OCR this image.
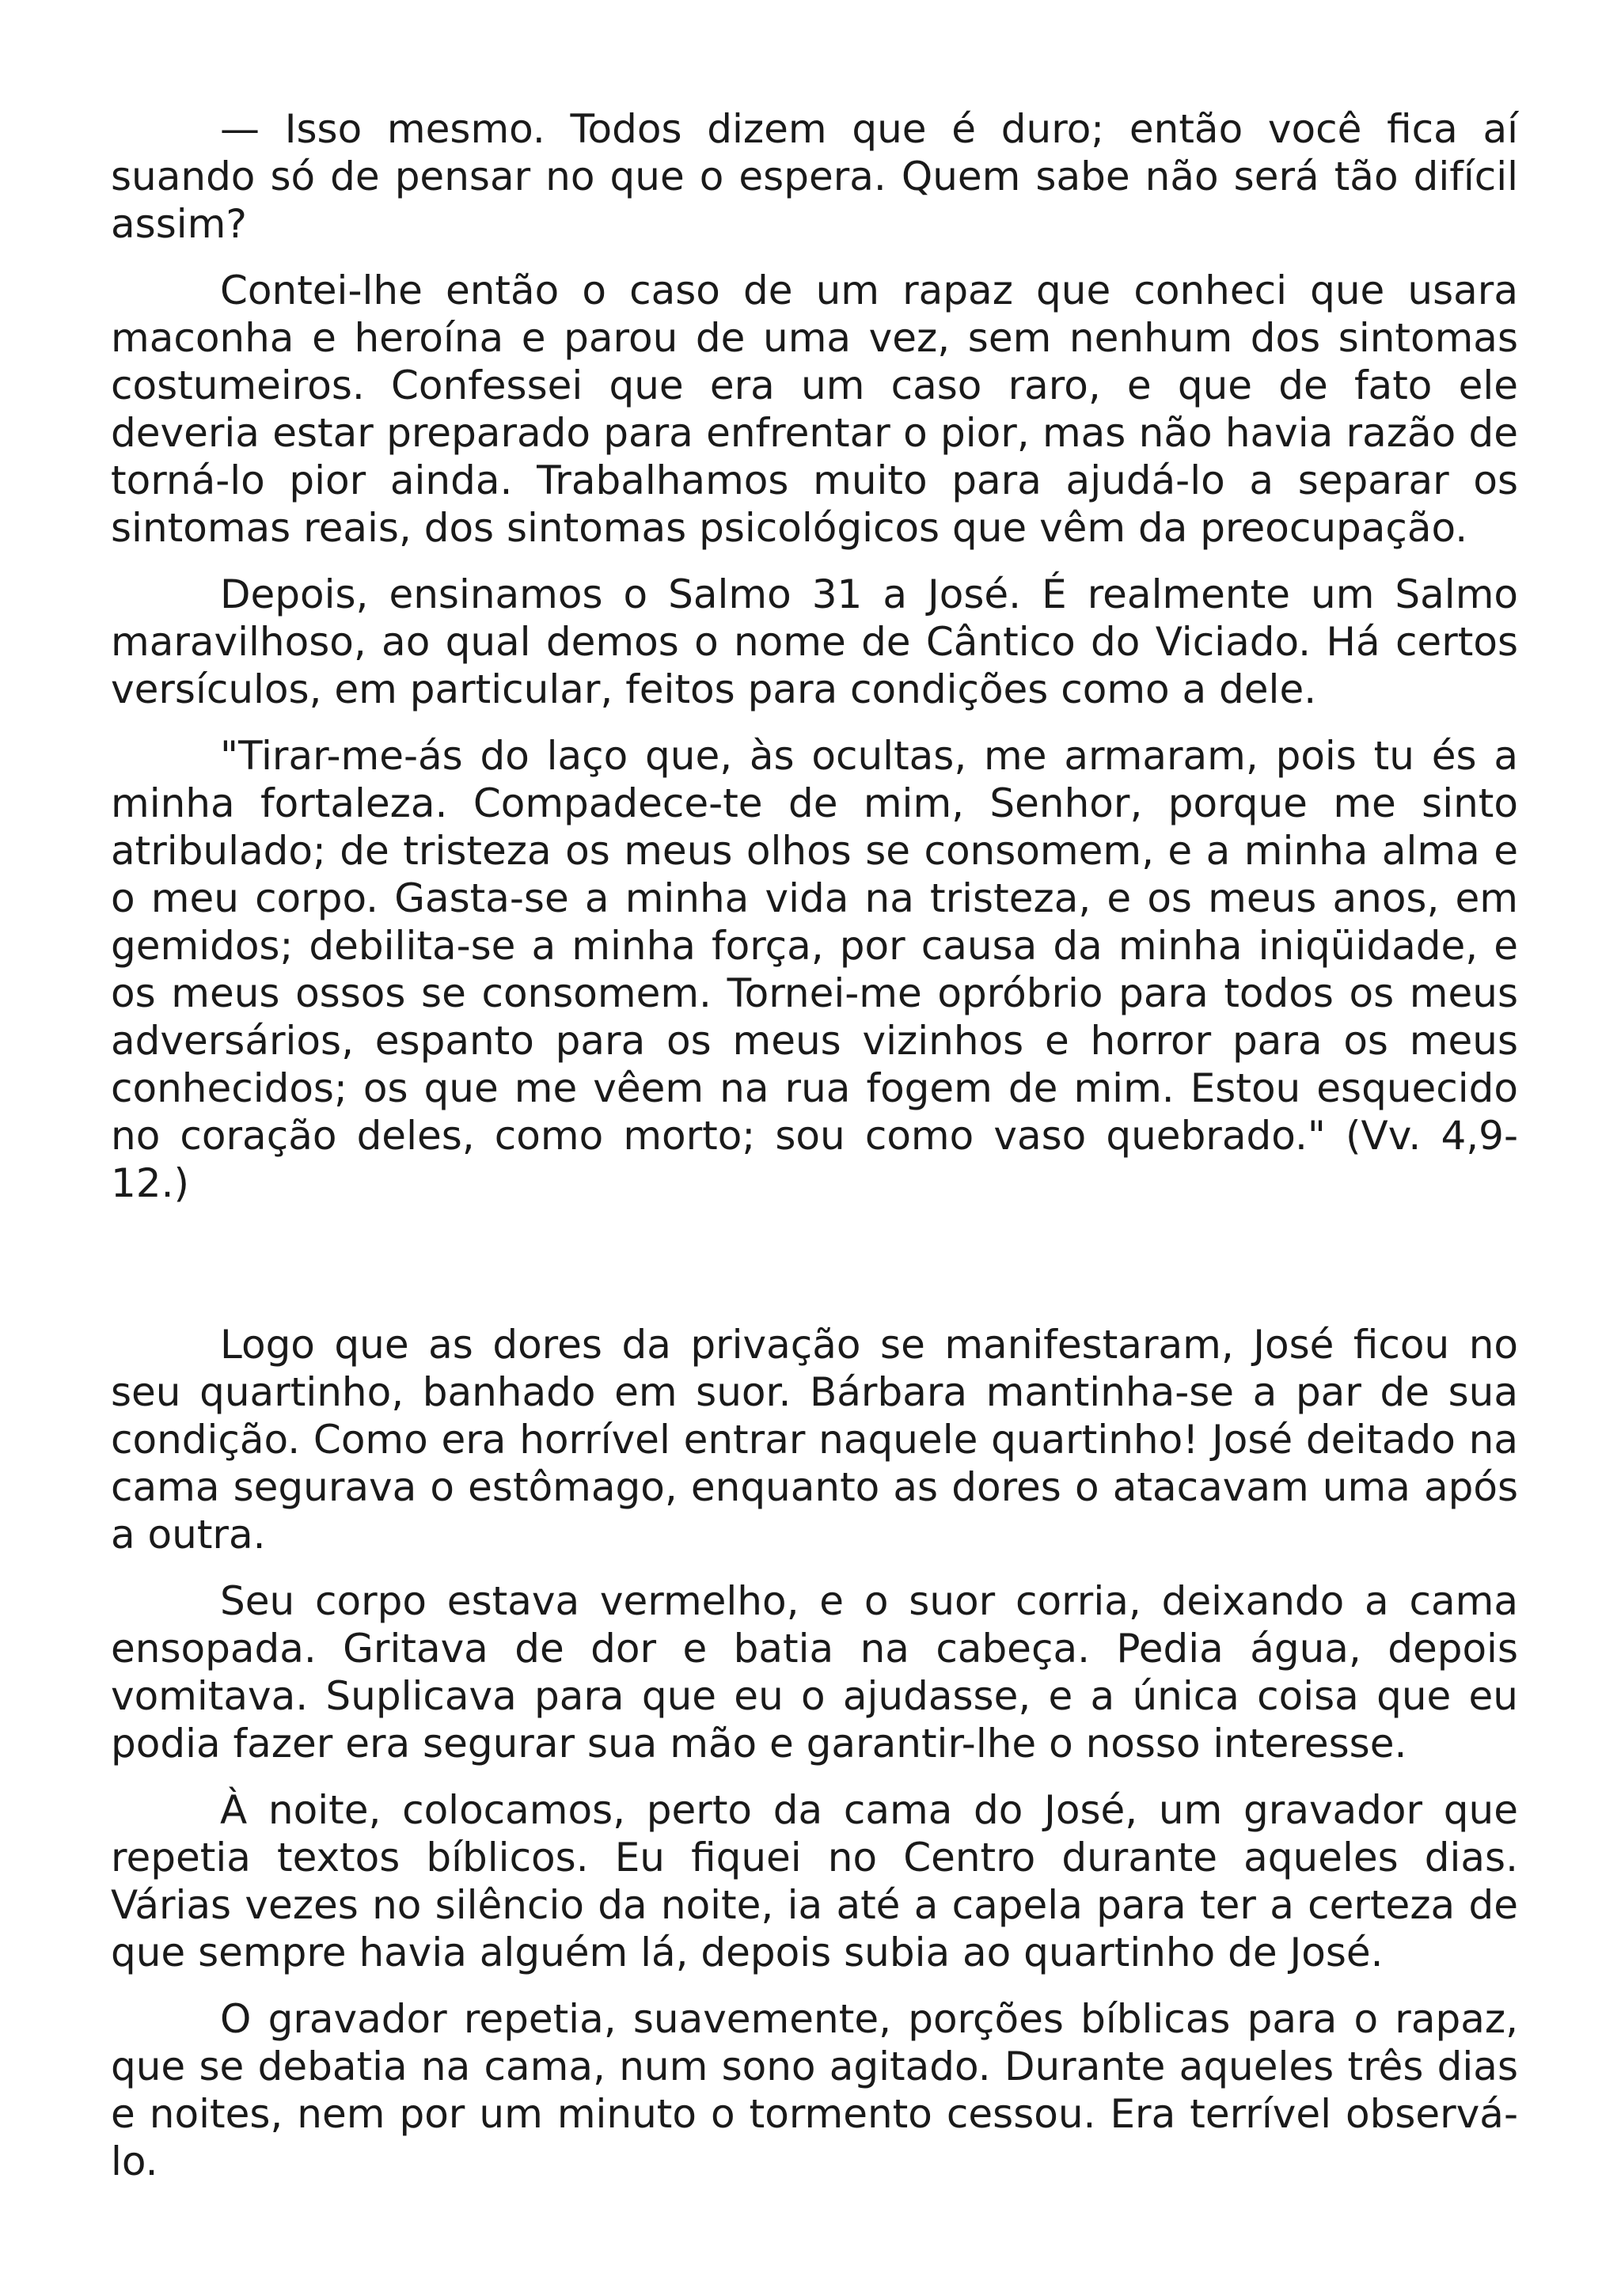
— Isso mesmo. Todos dizem que é duro; então você fica aí suando só de pensar no que o espera. Quem sabe não será tão difícil assim?

Contei-lhe então o caso de um rapaz que conheci que usara maconha e heroína e parou de uma vez, sem nenhum dos sintomas costumeiros. Confessei que era um caso raro, e que de fato ele deveria estar preparado para enfrentar o pior, mas não havia razão de torná-lo pior ainda. Trabalhamos muito para ajudá-lo a separar os sintomas reais, dos sintomas psicológicos que vêm da preocupação.

Depois, ensinamos o Salmo 31 a José. É realmente um Salmo maravilhoso, ao qual demos o nome de Cântico do Viciado. Há certos versículos, em particular, feitos para condições como a dele.

"Tirar-me-ás do laço que, às ocultas, me armaram, pois tu és a minha fortaleza. Compadece-te de mim, Senhor, porque me sinto atribulado; de tristeza os meus olhos se consomem, e a minha alma e o meu corpo. Gasta-se a minha vida na tristeza, e os meus anos, em gemidos; debilita-se a minha força, por causa da minha iniqüidade, e os meus ossos se consomem. Tornei-me opróbrio para todos os meus adversários, espanto para os meus vizinhos e horror para os meus conhecidos; os que me vêem na rua fogem de mim. Estou esquecido no coração deles, como morto; sou como vaso quebrado." (Vv. 4,9-12.)

Logo que as dores da privação se manifestaram, José ficou no seu quartinho, banhado em suor. Bárbara mantinha-se a par de sua condição. Como era horrível entrar naquele quartinho! José deitado na cama segurava o estômago, enquanto as dores o atacavam uma após a outra.

Seu corpo estava vermelho, e o suor corria, deixando a cama ensopada. Gritava de dor e batia na cabeça. Pedia água, depois vomitava. Suplicava para que eu o ajudasse, e a única coisa que eu podia fazer era segurar sua mão e garantir-lhe o nosso interesse.

À noite, colocamos, perto da cama do José, um gravador que repetia textos bíblicos. Eu fiquei no Centro durante aqueles dias. Várias vezes no silêncio da noite, ia até a capela para ter a certeza de que sempre havia alguém lá, depois subia ao quartinho de José.

O gravador repetia, suavemente, porções bíblicas para o rapaz, que se debatia na cama, num sono agitado. Durante aqueles três dias e noites, nem por um minuto o tormento cessou. Era terrível observá-lo.
